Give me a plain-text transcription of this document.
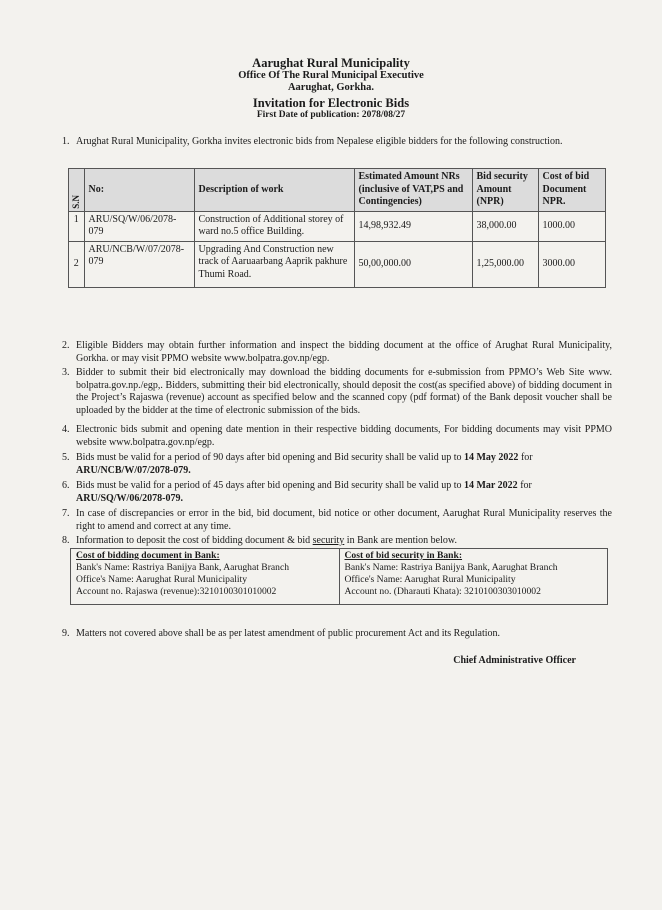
Aarughat Rural Municipality
Office Of The Rural Municipal Executive
Aarughat, Gorkha.
Invitation for Electronic Bids
First Date of publication: 2078/08/27
1. Arughat Rural Municipality, Gorkha invites electronic bids from Nepalese eligible bidders for the following construction.
S.N	No:	Description of work	Estimated Amount NRs (inclusive of VAT,PS and Contingencies)	Bid security Amount (NPR)	Cost of bid Document NPR.
1	ARU/SQ/W/06/2078-079	Construction of Additional storey of ward no.5 office Building.	14,98,932.49	38,000.00	1000.00
2	ARU/NCB/W/07/2078-079	Upgrading And Construction new track of Aaruaarbang Aaprik pakhure Thumi Road.	50,00,000.00	1,25,000.00	3000.00
2. Eligible Bidders may obtain further information and inspect the bidding document at the office of Arughat Rural Municipality, Gorkha. or may visit PPMO website www.bolpatra.gov.np/egp.
3. Bidder to submit their bid electronically may download the bidding documents for e-submission from PPMO’s Web Site www. bolpatra.gov.np./egp,. Bidders, submitting their bid electronically, should deposit the cost(as specified above) of bidding document in the Project’s Rajaswa (revenue) account as specified below and the scanned copy (pdf format) of the Bank deposit voucher shall be uploaded by the bidder at the time of electronic submission of the bids.
4. Electronic bids submit and opening date mention in their respective bidding documents, For bidding documents may visit PPMO website www.bolpatra.gov.np/egp.
5. Bids must be valid for a period of 90 days after bid opening and Bid security shall be valid up to 14 May 2022 for
ARU/NCB/W/07/2078-079.
6. Bids must be valid for a period of 45 days after bid opening and Bid security shall be valid up to 14 Mar 2022 for
ARU/SQ/W/06/2078-079.
7. In case of discrepancies or error in the bid, bid document, bid notice or other document, Aarughat Rural Municipality reserves the right to amend and correct at any time.
8. Information to deposit the cost of bidding document & bid security in Bank are mention below.
Cost of bidding document in Bank:
Bank's Name: Rastriya Banijya Bank, Aarughat Branch
Office's Name: Aarughat Rural Municipality
Account no. Rajaswa (revenue):3210100301010002

Cost of bid security in Bank:
Bank's Name: Rastriya Banijya Bank, Aarughat Branch
Office's Name: Aarughat Rural Municipality
Account no. (Dharauti Khata): 3210100303010002
9. Matters not covered above shall be as per latest amendment of public procurement Act and its Regulation.
Chief Administrative Officer
